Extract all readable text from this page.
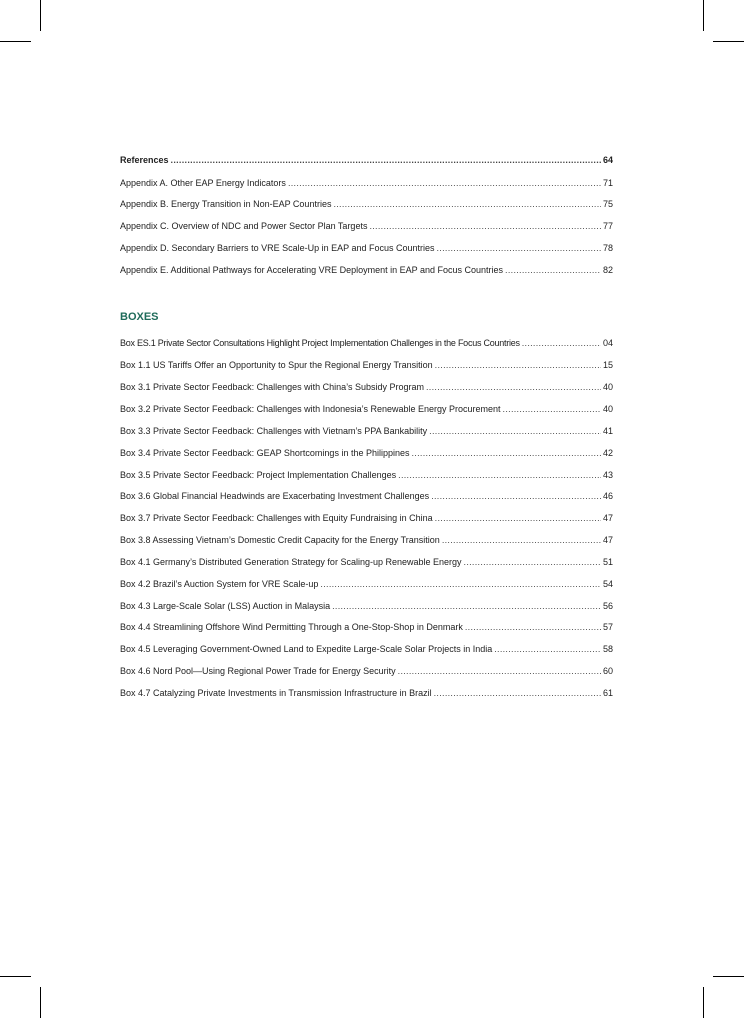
References .....	64
Appendix A. Other EAP Energy Indicators .....	71
Appendix B. Energy Transition in Non-EAP Countries .....	75
Appendix C. Overview of NDC and Power Sector Plan Targets .....	77
Appendix D. Secondary Barriers to VRE Scale-Up in EAP and Focus Countries .....	78
Appendix E. Additional Pathways for Accelerating VRE Deployment in EAP and Focus Countries .....	82
BOXES
Box ES.1 Private Sector Consultations Highlight Project Implementation Challenges in the Focus Countries .....	04
Box 1.1 US Tariffs Offer an Opportunity to Spur the Regional Energy Transition .....	15
Box 3.1 Private Sector Feedback: Challenges with China’s Subsidy Program .....	40
Box 3.2 Private Sector Feedback: Challenges with Indonesia’s Renewable Energy Procurement .....	40
Box 3.3 Private Sector Feedback: Challenges with Vietnam’s PPA Bankability .....	41
Box 3.4 Private Sector Feedback: GEAP Shortcomings in the Philippines .....	42
Box 3.5 Private Sector Feedback: Project Implementation Challenges .....	43
Box 3.6 Global Financial Headwinds are Exacerbating Investment Challenges .....	46
Box 3.7 Private Sector Feedback: Challenges with Equity Fundraising in China .....	47
Box 3.8 Assessing Vietnam’s Domestic Credit Capacity for the Energy Transition .....	47
Box 4.1 Germany’s Distributed Generation Strategy for Scaling-up Renewable Energy .....	51
Box 4.2 Brazil’s Auction System for VRE Scale-up .....	54
Box 4.3 Large-Scale Solar (LSS) Auction in Malaysia .....	56
Box 4.4 Streamlining Offshore Wind Permitting Through a One-Stop-Shop in Denmark .....	57
Box 4.5 Leveraging Government-Owned Land to Expedite Large-Scale Solar Projects in India .....	58
Box 4.6 Nord Pool—Using Regional Power Trade for Energy Security .....	60
Box 4.7 Catalyzing Private Investments in Transmission Infrastructure in Brazil .....	61
